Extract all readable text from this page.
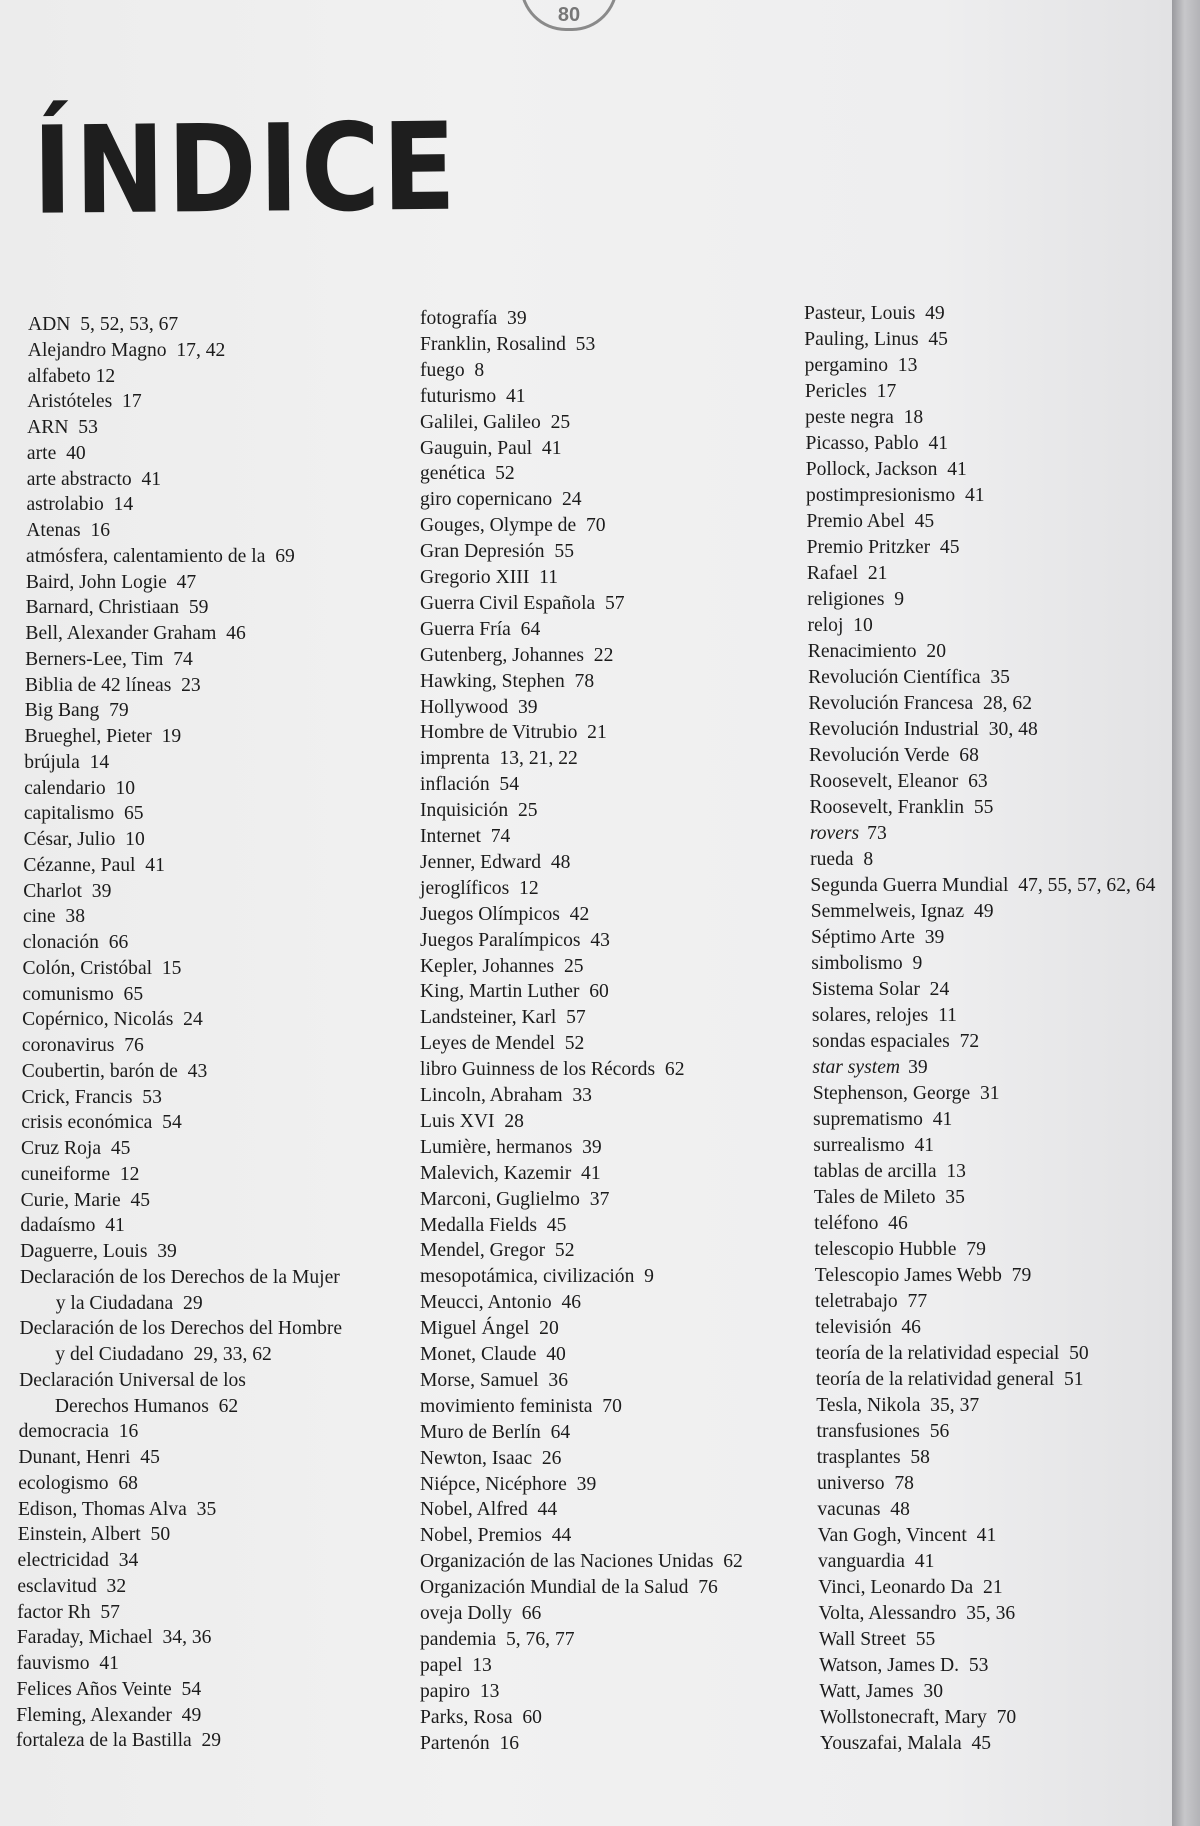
80
ÍNDICE
ADN  5, 52, 53, 67
Alejandro Magno  17, 42
alfabeto 12
Aristóteles  17
ARN  53
arte  40
arte abstracto  41
astrolabio  14
Atenas  16
atmósfera, calentamiento de la  69
Baird, John Logie  47
Barnard, Christiaan  59
Bell, Alexander Graham  46
Berners-Lee, Tim  74
Biblia de 42 líneas  23
Big Bang  79
Brueghel, Pieter  19
brújula  14
calendario  10
capitalismo  65
César, Julio  10
Cézanne, Paul  41
Charlot  39
cine  38
clonación  66
Colón, Cristóbal  15
comunismo  65
Copérnico, Nicolás  24
coronavirus  76
Coubertin, barón de  43
Crick, Francis  53
crisis económica  54
Cruz Roja  45
cuneiforme  12
Curie, Marie  45
dadaísmo  41
Daguerre, Louis  39
Declaración de los Derechos de la Mujer
y la Ciudadana  29
Declaración de los Derechos del Hombre
y del Ciudadano  29, 33, 62
Declaración Universal de los
Derechos Humanos  62
democracia  16
Dunant, Henri  45
ecologismo  68
Edison, Thomas Alva  35
Einstein, Albert  50
electricidad  34
esclavitud  32
factor Rh  57
Faraday, Michael  34, 36
fauvismo  41
Felices Años Veinte  54
Fleming, Alexander  49
fortaleza de la Bastilla  29
fotografía  39
Franklin, Rosalind  53
fuego  8
futurismo  41
Galilei, Galileo  25
Gauguin, Paul  41
genética  52
giro copernicano  24
Gouges, Olympe de  70
Gran Depresión  55
Gregorio XIII  11
Guerra Civil Española  57
Guerra Fría  64
Gutenberg, Johannes  22
Hawking, Stephen  78
Hollywood  39
Hombre de Vitrubio  21
imprenta  13, 21, 22
inflación  54
Inquisición  25
Internet  74
Jenner, Edward  48
jeroglíficos  12
Juegos Olímpicos  42
Juegos Paralímpicos  43
Kepler, Johannes  25
King, Martin Luther  60
Landsteiner, Karl  57
Leyes de Mendel  52
libro Guinness de los Récords  62
Lincoln, Abraham  33
Luis XVI  28
Lumière, hermanos  39
Malevich, Kazemir  41
Marconi, Guglielmo  37
Medalla Fields  45
Mendel, Gregor  52
mesopotámica, civilización  9
Meucci, Antonio  46
Miguel Ángel  20
Monet, Claude  40
Morse, Samuel  36
movimiento feminista  70
Muro de Berlín  64
Newton, Isaac  26
Niépce, Nicéphore  39
Nobel, Alfred  44
Nobel, Premios  44
Organización de las Naciones Unidas  62
Organización Mundial de la Salud  76
oveja Dolly  66
pandemia  5, 76, 77
papel  13
papiro  13
Parks, Rosa  60
Partenón  16
Pasteur, Louis  49
Pauling, Linus  45
pergamino  13
Pericles  17
peste negra  18
Picasso, Pablo  41
Pollock, Jackson  41
postimpresionismo  41
Premio Abel  45
Premio Pritzker  45
Rafael  21
religiones  9
reloj  10
Renacimiento  20
Revolución Científica  35
Revolución Francesa  28, 62
Revolución Industrial  30, 48
Revolución Verde  68
Roosevelt, Eleanor  63
Roosevelt, Franklin  55
rovers 73
rueda  8
Segunda Guerra Mundial  47, 55, 57, 62, 64
Semmelweis, Ignaz  49
Séptimo Arte  39
simbolismo  9
Sistema Solar  24
solares, relojes  11
sondas espaciales  72
star system 39
Stephenson, George  31
suprematismo  41
surrealismo  41
tablas de arcilla  13
Tales de Mileto  35
teléfono  46
telescopio Hubble  79
Telescopio James Webb  79
teletrabajo  77
televisión  46
teoría de la relatividad especial  50
teoría de la relatividad general  51
Tesla, Nikola  35, 37
transfusiones  56
trasplantes  58
universo  78
vacunas  48
Van Gogh, Vincent  41
vanguardia  41
Vinci, Leonardo Da  21
Volta, Alessandro  35, 36
Wall Street  55
Watson, James D.  53
Watt, James  30
Wollstonecraft, Mary  70
Youszafai, Malala  45
